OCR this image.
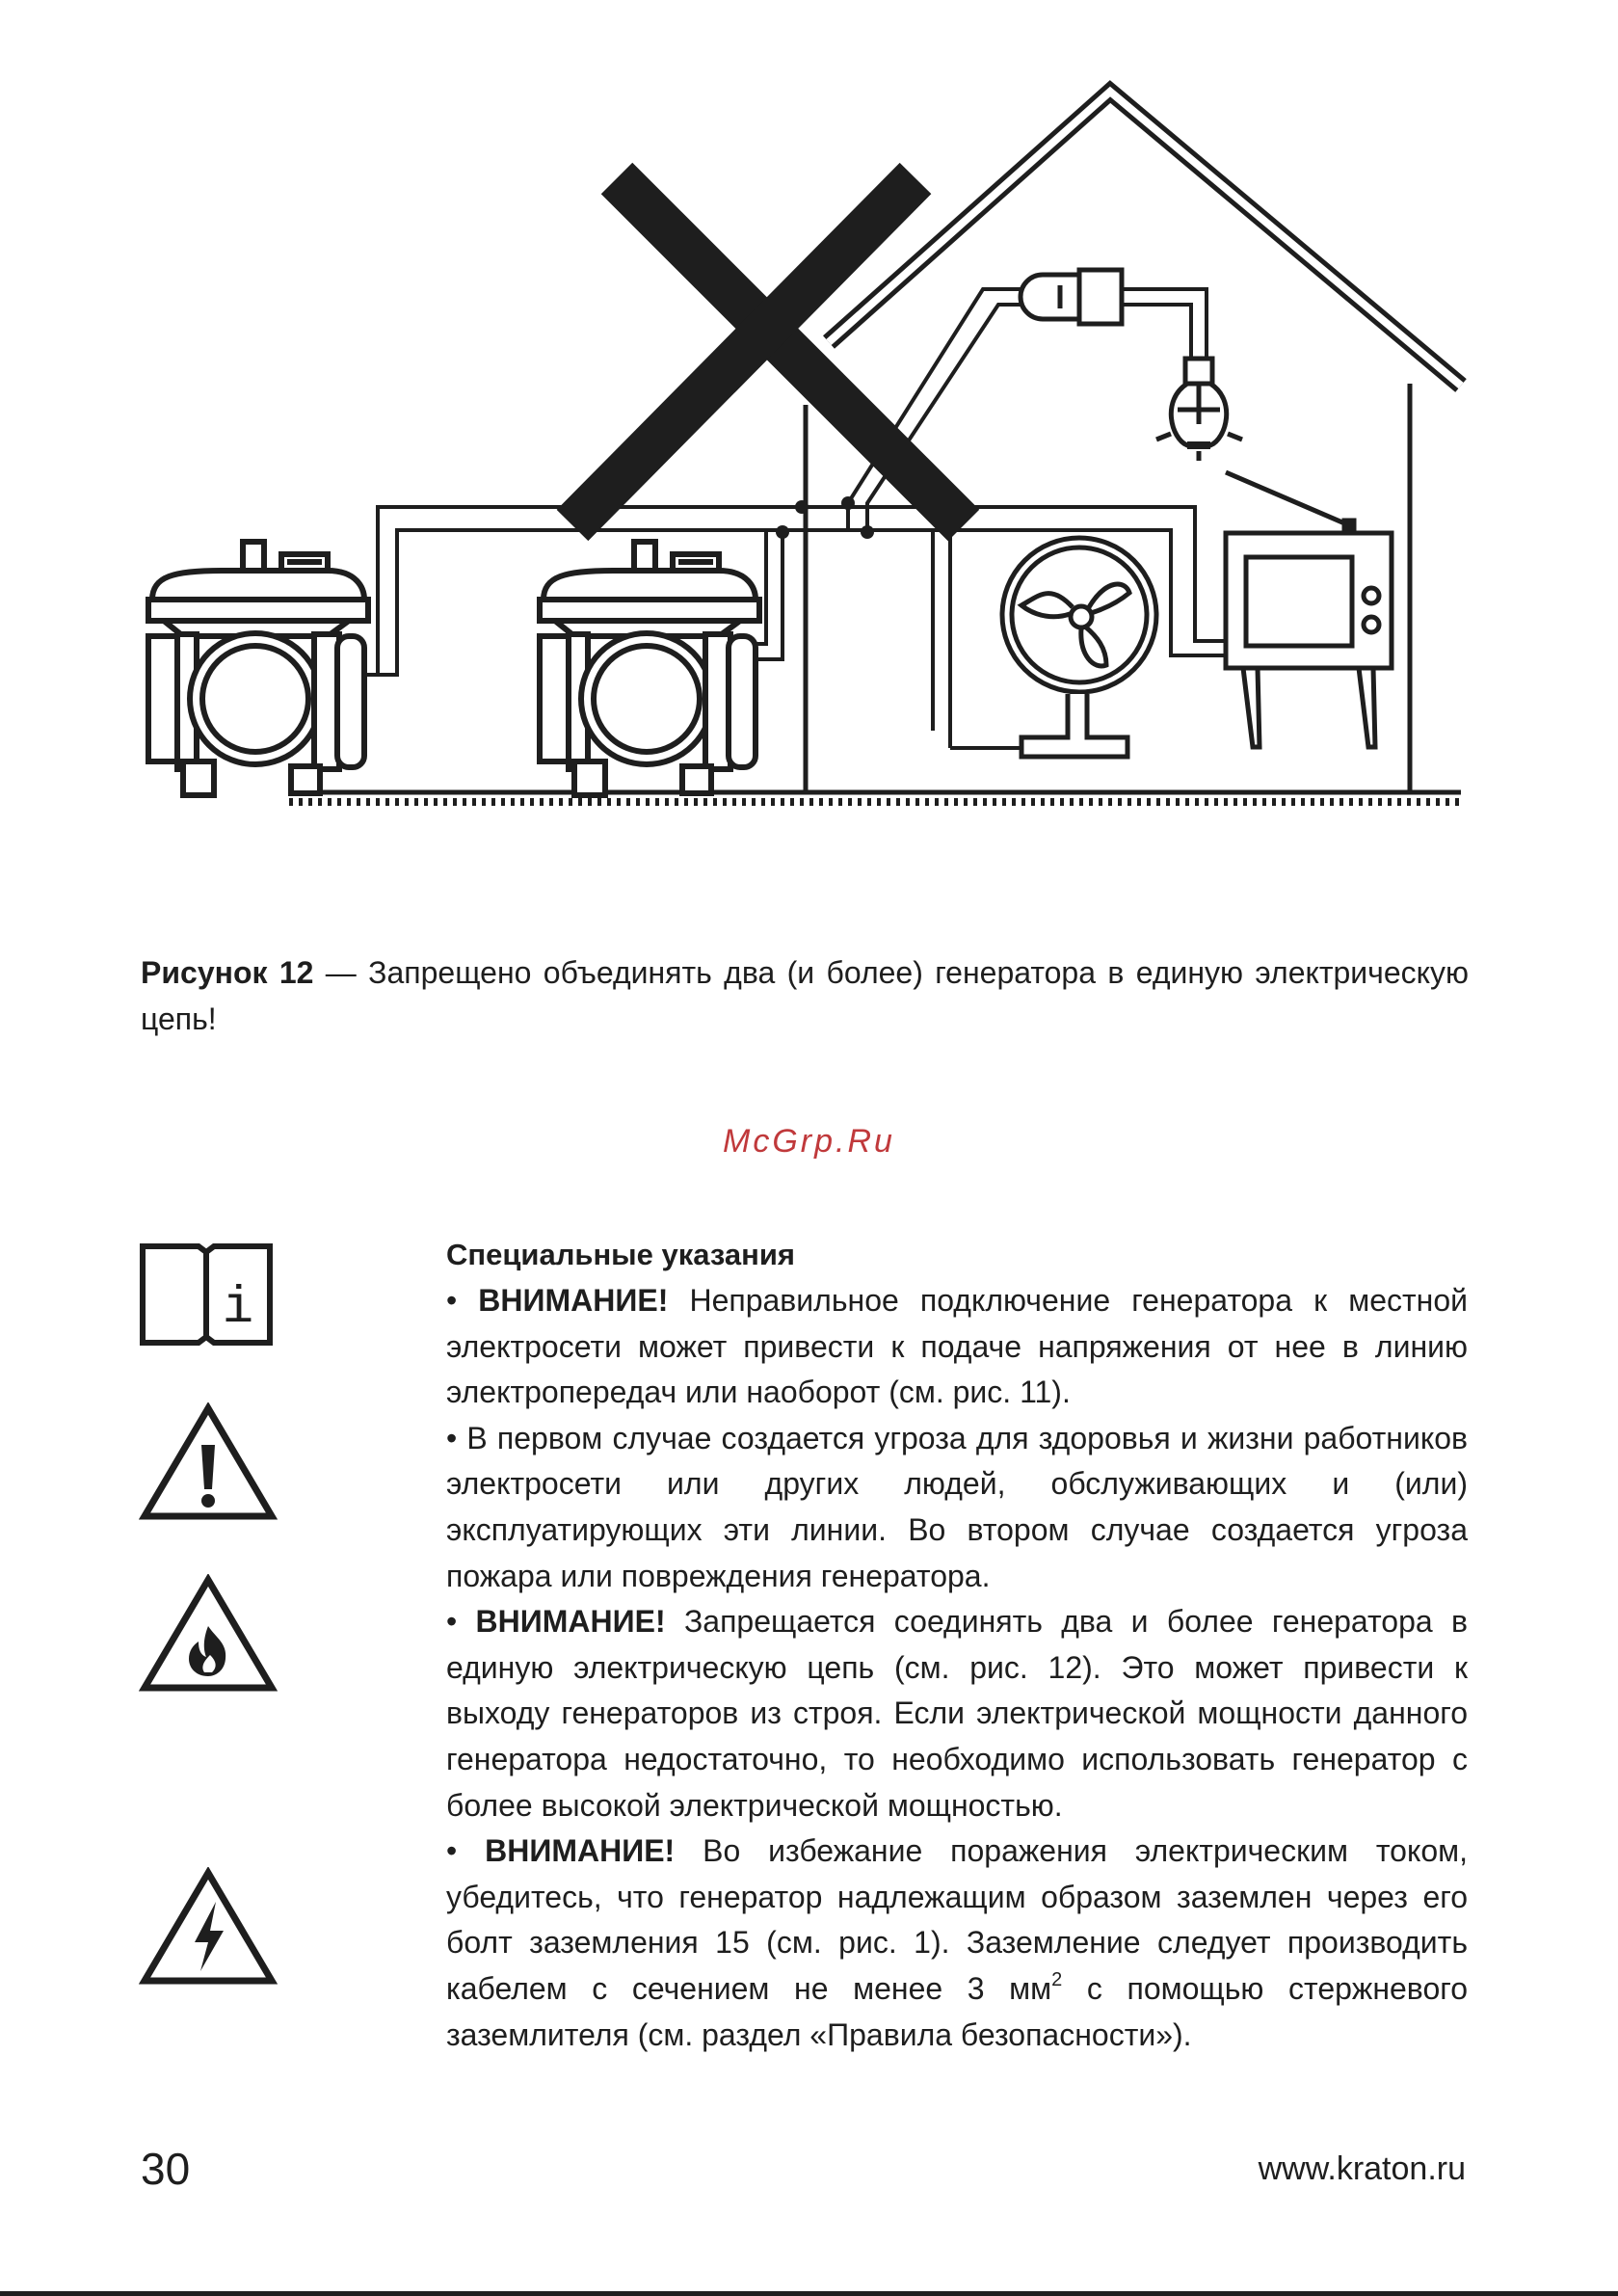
Рисунок 12 — Запрещено объединять два (и более) генератора в единую электрическую цепь!

McGrp.Ru
i

Специальные указания

• ВНИМАНИЕ! Неправильное подключение генератора к местной электросети может привести к подаче напряжения от нее в линию электропередач или наоборот (см. рис. 11).

• В первом случае создается угроза для здоровья и жизни работников электросети или других людей, обслуживающих и (или) эксплуатирующих эти линии. Во втором случае создается угроза пожара или повреждения генератора.

• ВНИМАНИЕ! Запрещается соединять два и более генератора в единую электрическую цепь (см. рис. 12). Это может привести к выходу генераторов из строя. Если электрической мощности данного генератора недостаточно, то необходимо использовать генератор с более высокой электрической мощностью.

• ВНИМАНИЕ! Во избежание поражения электрическим током, убедитесь, что генератор надлежащим образом заземлен через его болт заземления 15 (см. рис. 1). Заземление следует производить кабелем с сечением не менее 3 $мм^2$ с помощью стержневого заземлителя (см. раздел «Правила безопасности»).

30	www.kraton.ru
